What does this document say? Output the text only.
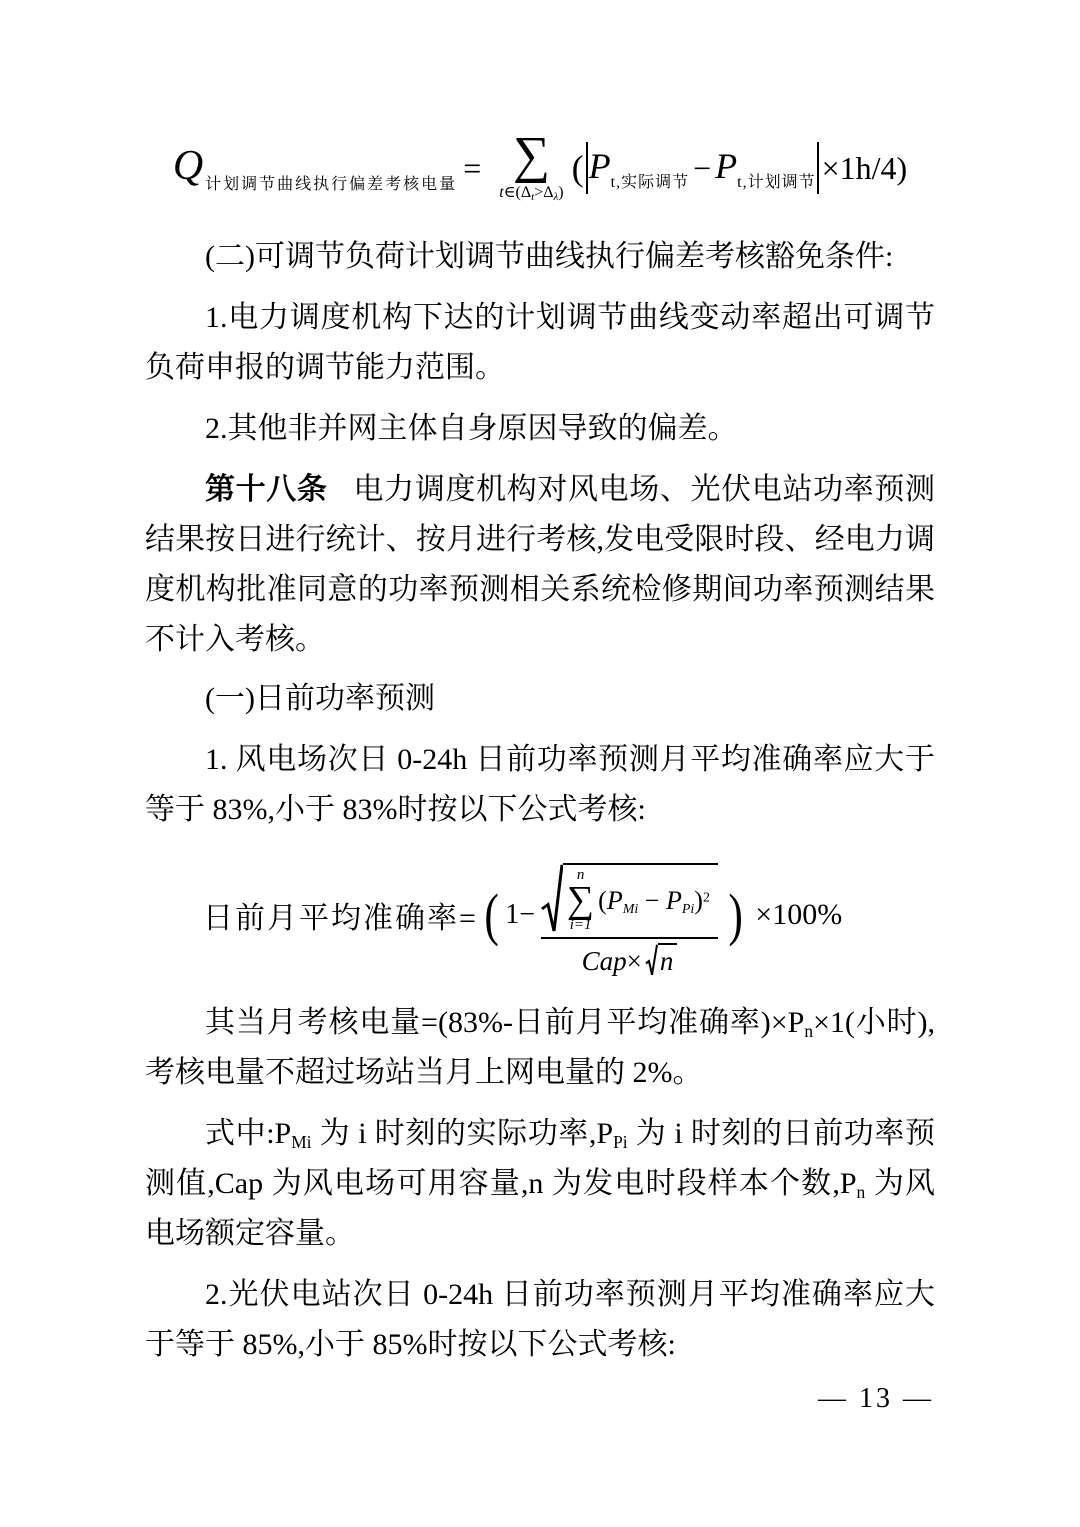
Q $_{计划调节曲线执行偏差考核电量}$ = ∑
$t\in(\Delta_t>\Delta_\lambda)$
( $P_{t,实际调节} - P_{t,计划调节} \times 1h/4$)

(二)可调节负荷计划调节曲线执行偏差考核豁免条件:

1.电力调度机构下达的计划调节曲线变动率超出可调节负荷申报的调节能力范围。

2.其他非并网主体自身原因导致的偏差。

第十八条 电力调度机构对风电场、光伏电站功率预测结果按日进行统计、按月进行考核,发电受限时段、经电力调度机构批准同意的功率预测相关系统检修期间功率预测结果不计入考核。

(一)日前功率预测

1. 风电场次日 0-24h 日前功率预测月平均准确率应大于等于 83%,小于 83%时按以下公式考核:

日前月平均准确率= ( 1−
n
∑
i=1
$(P_{Mi} - P_{Pi})^2$
Cap × n
) ×100%

其当月考核电量=(83%-日前月平均准确率)$\times P_n\times 1$(小时),考核电量不超过场站当月上网电量的 2%。

式中$:P_{Mi}$ 为 i 时刻的实际功率$,P_{Pi}$ 为 i 时刻的日前功率预测值,Cap 为风电场可用容量,n 为发电时段样本个数$,P_n$ 为风电场额定容量。

2.光伏电站次日 0-24h 日前功率预测月平均准确率应大于等于 85%,小于 85%时按以下公式考核:

— 13 —
